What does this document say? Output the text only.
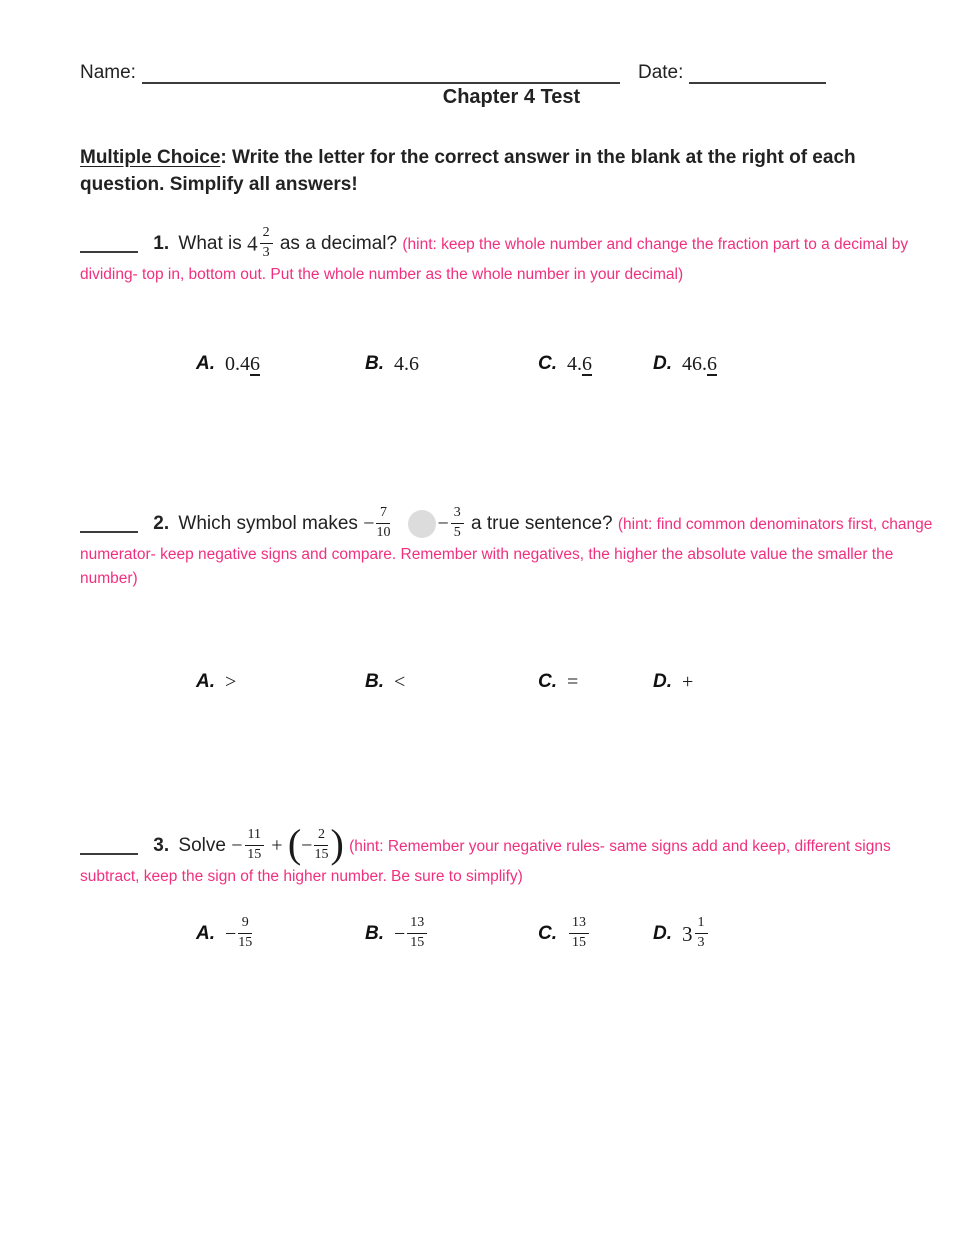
Name:	Date:
Chapter 4 Test
Multiple Choice: Write the letter for the correct answer in the blank at the right of each question. Simplify all answers!
1. What is $4 \frac{2}{3}$ as a decimal? (hint: keep the whole number and change the fraction part to a decimal by dividing- top in, bottom out. Put the whole number as the whole number in your decimal)
A. 0.4 6	B. 4.6	C. 4. 6	D. 46. 6
2. Which symbol makes − $\frac{7}{10} - \frac{3}{5}$ a true sentence? (hint: find common denominators first, change numerator- keep negative signs and compare. Remember with negatives, the higher the absolute value the smaller the number)
A. >	B. <	C. =	D. +
3. Solve − $\frac{11}{15}$ + (− $\frac{2}{15}$ ) (hint: Remember your negative rules- same signs add and keep, different signs subtract, keep the sign of the higher number. Be sure to simplify)
A. − $\frac{9}{15}$	B. − $\frac{13}{15}$	C. $\frac{13}{15}$	D. $3 \frac{1}{3}$
